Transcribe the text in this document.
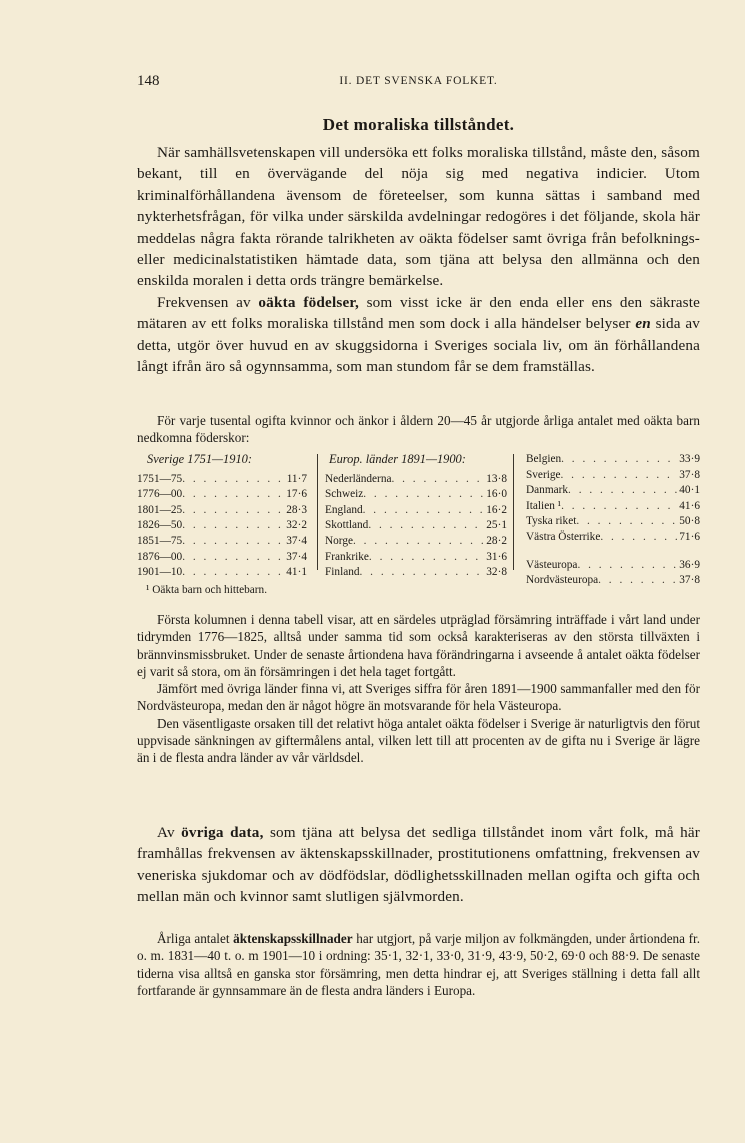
148	II. DET SVENSKA FOLKET.
Det moraliska tillståndet.

När samhällsvetenskapen vill undersöka ett folks moraliska tillstånd, måste den, såsom bekant, till en övervägande del nöja sig med negativa indicier. Utom kriminalförhållandena ävensom de företeelser, som kunna sättas i samband med nykterhetsfrågan, för vilka under särskilda avdelningar redogöres i det följande, skola här meddelas några fakta rörande talrikheten av oäkta födelser samt övriga från befolknings- eller medicinalstatistiken hämtade data, som tjäna att belysa den allmänna och den enskilda moralen i detta ords trängre bemärkelse.

Frekvensen av oäkta födelser, som visst icke är den enda eller ens den säkraste mätaren av ett folks moraliska tillstånd men som dock i alla händelser belyser en sida av detta, utgör över huvud en av skuggsidorna i Sveriges sociala liv, om än förhållandena långt ifrån äro så ogynnsamma, som man stundom får se dem framställas.

För varje tusental ogifta kvinnor och änkor i åldern 20—45 år utgjorde årliga antalet med oäkta barn nedkomna föderskor:

Sverige 1751—1910:
1751—75 . . .	11·7
1776—00 . . .	17·6
1801—25 . . .	28·3
1826—50 . . .	32·2
1851—75 . . .	37·4
1876—00 . . .	37·4
1901—10 . . .	41·1
Europ. länder 1891—1900:
Nederländerna . . .	13·8
Schweiz . . .	16·0
England . . .	16·2
Skottland . . .	25·1
Norge . . .	28·2
Frankrike . . .	31·6
Finland . . .	32·8
Belgien . . .	33·9
Sverige . . .	37·8
Danmark . . .	40·1
Italien ¹ . . .	41·6
Tyska riket . . .	50·8
Västra Österrike . . .	71·6
Västeuropa . . .	36·9
Nordvästeuropa . . .	37·8
¹ Oäkta barn och hittebarn.

Första kolumnen i denna tabell visar, att en särdeles utpräglad försämring inträffade i vårt land under tidrymden 1776—1825, alltså under samma tid som också karakteriseras av den största tillväxten i brännvinsmissbruket. Under de senaste årtiondena hava förändringarna i avseende å antalet oäkta födelser ej varit så stora, om än försämringen i det hela taget fortgått.

Jämfört med övriga länder finna vi, att Sveriges siffra för åren 1891—1900 sammanfaller med den för Nordvästeuropa, medan den är något högre än motsvarande för hela Västeuropa.

Den väsentligaste orsaken till det relativt höga antalet oäkta födelser i Sverige är naturligtvis den förut uppvisade sänkningen av giftermålens antal, vilken lett till att procenten av de gifta nu i Sverige är lägre än i de flesta andra länder av vår världsdel.

Av övriga data, som tjäna att belysa det sedliga tillståndet inom vårt folk, må här framhållas frekvensen av äktenskapsskillnader, prostitutionens omfattning, frekvensen av veneriska sjukdomar och av dödfödslar, dödlighetsskillnaden mellan ogifta och gifta och mellan män och kvinnor samt slutligen självmorden.

Årliga antalet äktenskapsskillnader har utgjort, på varje miljon av folkmängden, under årtiondena fr. o. m. 1831—40 t. o. m 1901—10 i ordning: 35·1, 32·1, 33·0, 31·9, 43·9, 50·2, 69·0 och 88·9. De senaste tiderna visa alltså en ganska stor försämring, men detta hindrar ej, att Sveriges ställning i detta fall allt fortfarande är gynnsammare än de flesta andra länders i Europa.
